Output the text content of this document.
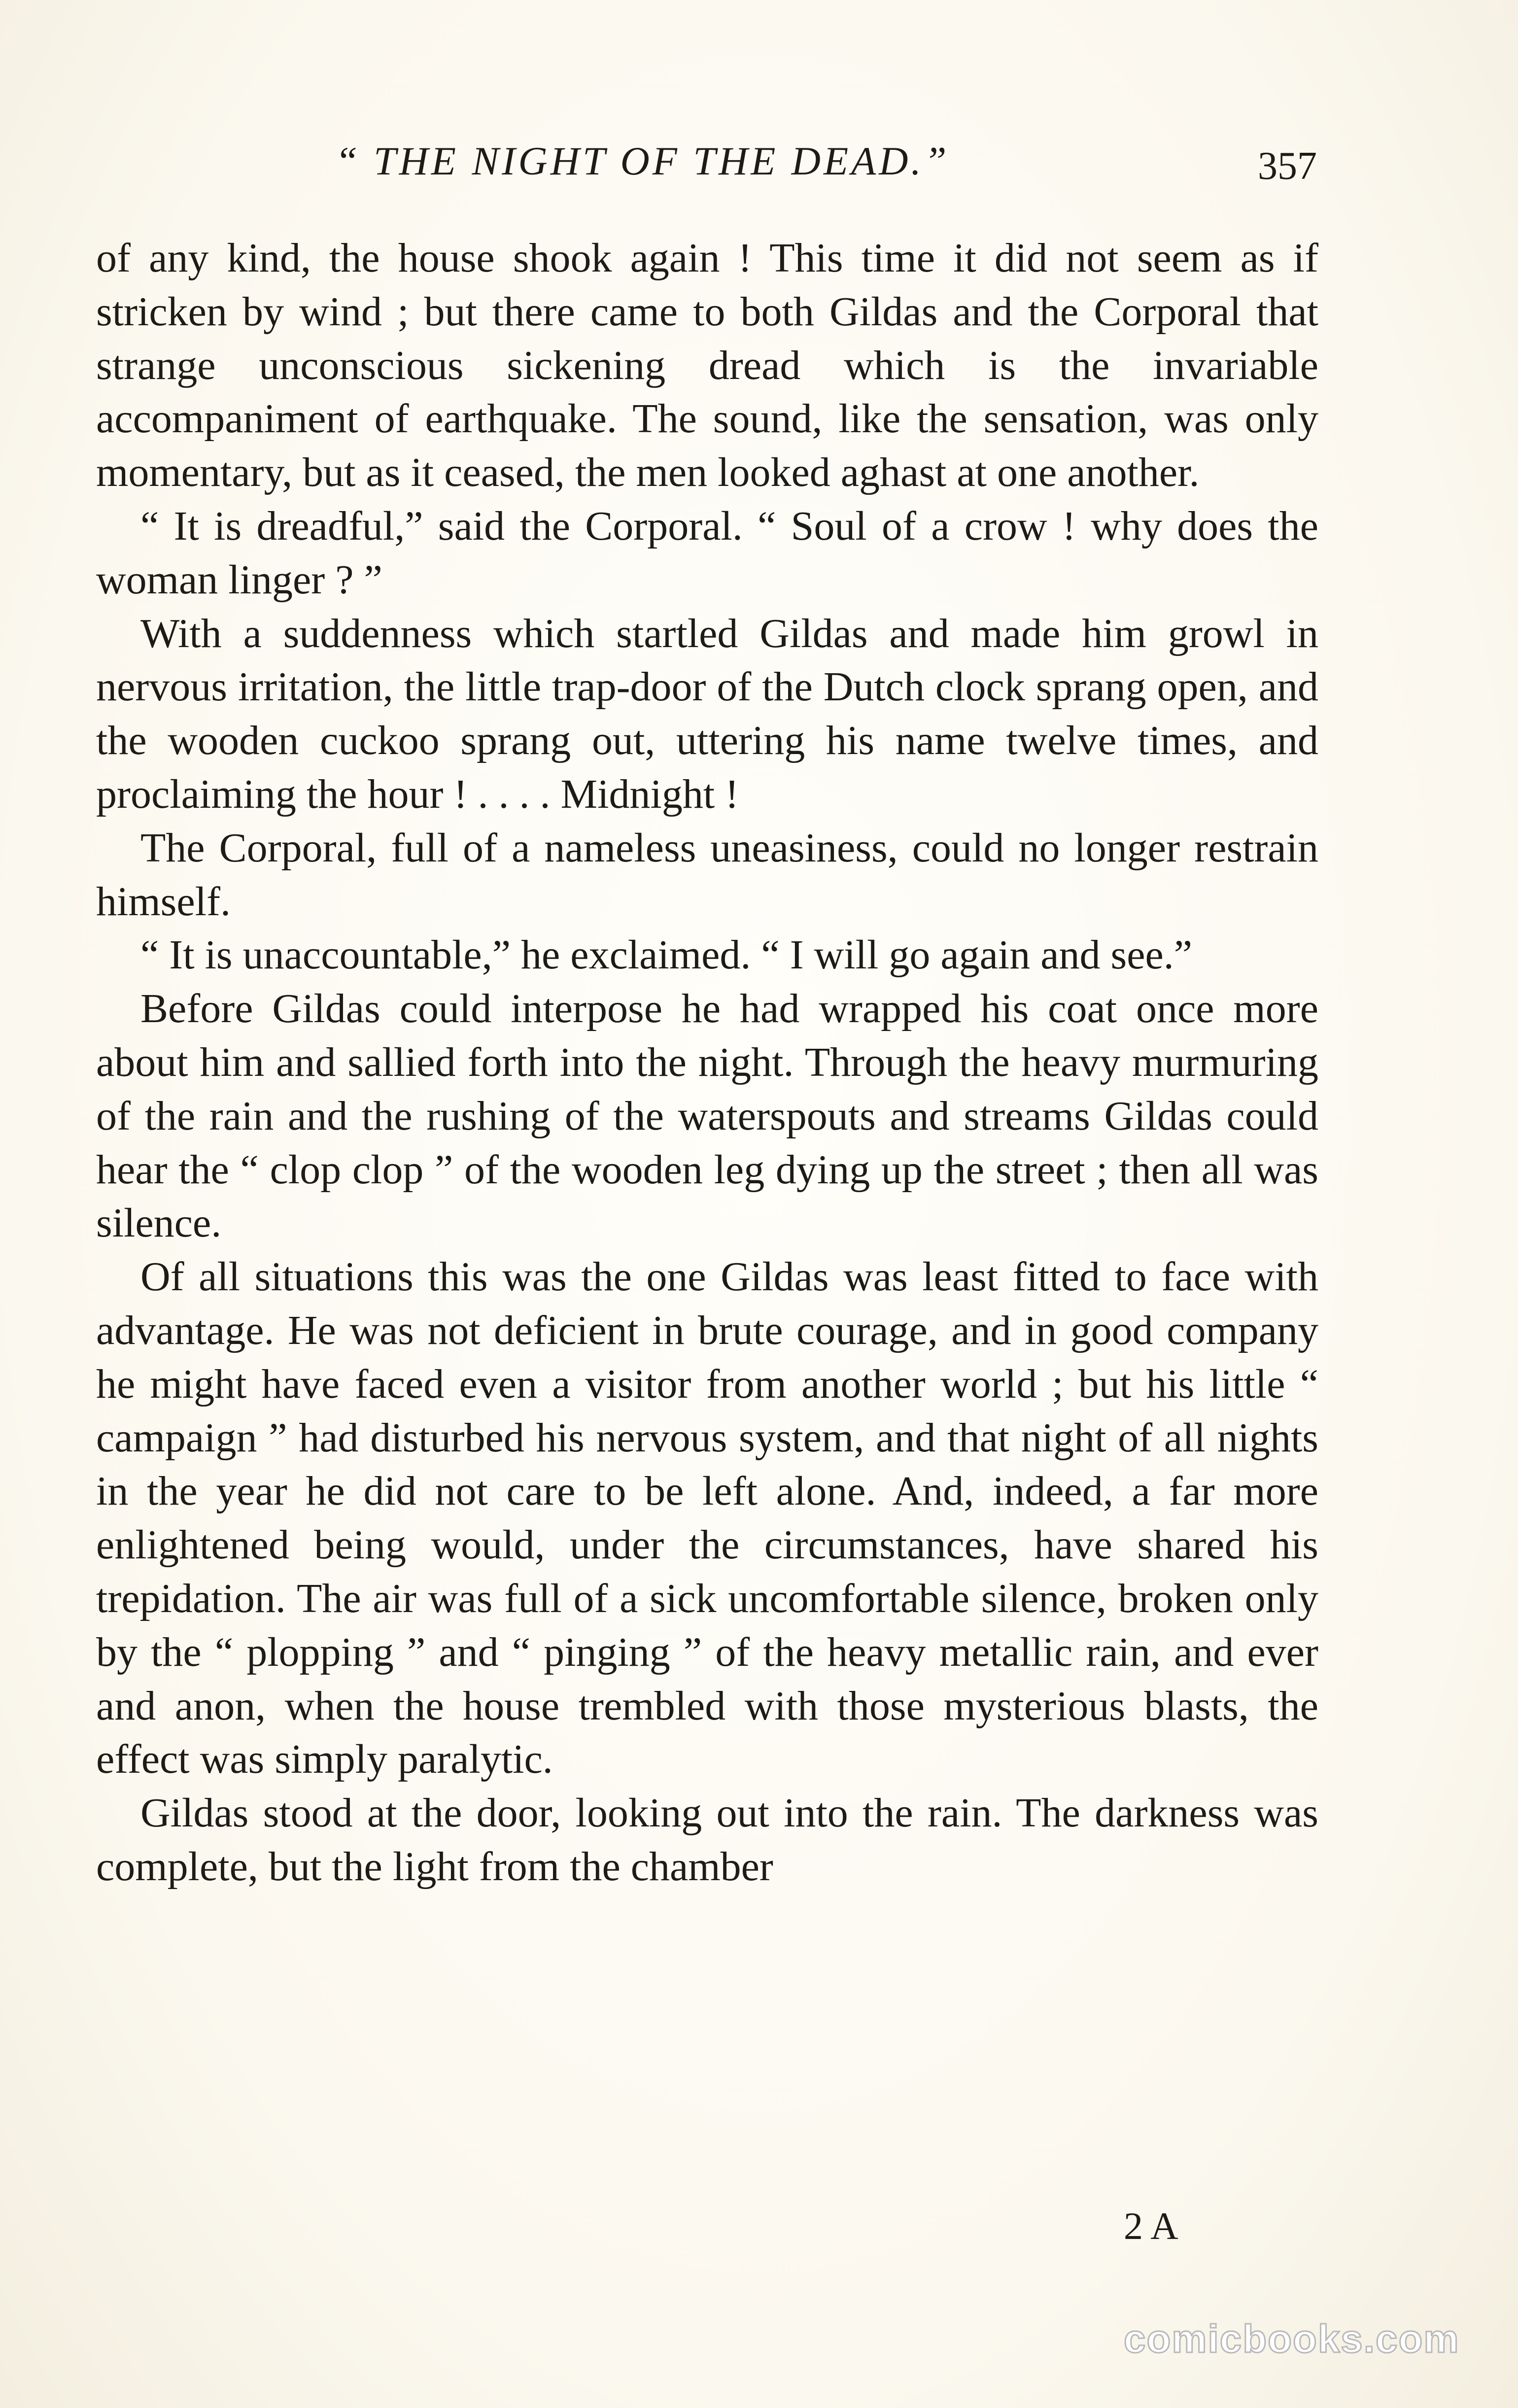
“ THE NIGHT OF THE DEAD.”	357

of any kind, the house shook again ! This time it did not seem as if stricken by wind ; but there came to both Gildas and the Corporal that strange unconscious sickening dread which is the invariable accompaniment of earthquake. The sound, like the sensation, was only momentary, but as it ceased, the men looked aghast at one another.

“ It is dreadful,” said the Corporal. “ Soul of a crow ! why does the woman linger ? ”

With a suddenness which startled Gildas and made him growl in nervous irritation, the little trap-door of the Dutch clock sprang open, and the wooden cuckoo sprang out, uttering his name twelve times, and proclaiming the hour ! . . . . Midnight !

The Corporal, full of a nameless uneasiness, could no longer restrain himself.

“ It is unaccountable,” he exclaimed. “ I will go again and see.”

Before Gildas could interpose he had wrapped his coat once more about him and sallied forth into the night. Through the heavy murmuring of the rain and the rushing of the waterspouts and streams Gildas could hear the “ clop clop ” of the wooden leg dying up the street ; then all was silence.

Of all situations this was the one Gildas was least fitted to face with advantage. He was not deficient in brute courage, and in good company he might have faced even a visitor from another world ; but his little “ campaign ” had disturbed his nervous system, and that night of all nights in the year he did not care to be left alone. And, indeed, a far more enlightened being would, under the circumstances, have shared his trepidation. The air was full of a sick uncomfortable silence, broken only by the “ plopping ” and “ pinging ” of the heavy metallic rain, and ever and anon, when the house trembled with those mysterious blasts, the effect was simply paralytic.

Gildas stood at the door, looking out into the rain. The darkness was complete, but the light from the chamber

2 A
comicbooks.com
